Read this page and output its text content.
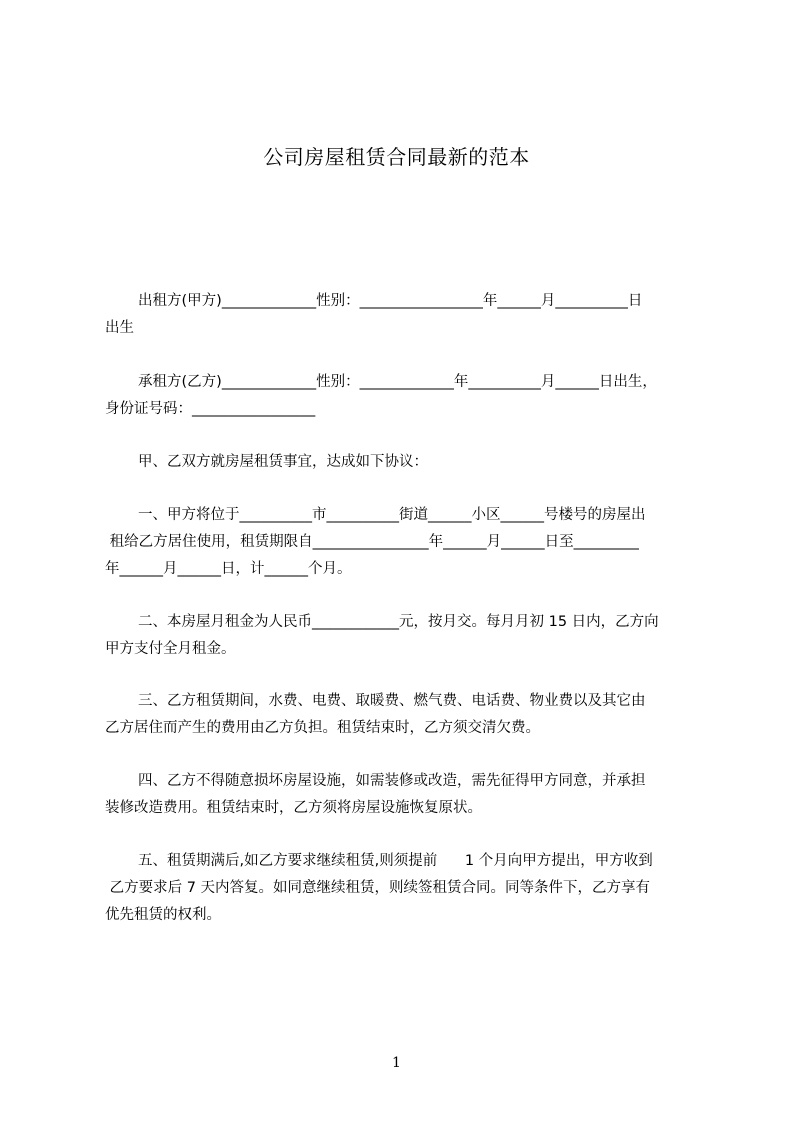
公司房屋租赁合同最新的范本
出租方(甲方)_____________性别：_________________年______月__________日
出生
承租方(乙方)_____________性别：_____________年__________月______日出生，
身份证号码：_________________
甲、乙双方就房屋租赁事宜，达成如下协议：
一、甲方将位于__________市__________街道______小区______号楼号的房屋出
租给乙方居住使用，租赁期限自________________年______月______日至_________
年______月______日，计______个月。
二、本房屋月租金为人民币____________元，按月交。每月月初 15 日内，乙方向
甲方支付全月租金。
三、乙方租赁期间，水费、电费、取暖费、燃气费、电话费、物业费以及其它由
乙方居住而产生的费用由乙方负担。租赁结束时，乙方须交清欠费。
四、乙方不得随意损坏房屋设施，如需装修或改造，需先征得甲方同意，并承担
装修改造费用。租赁结束时，乙方须将房屋设施恢复原状。
五、租赁期满后,如乙方要求继续租赁,则须提前      1 个月向甲方提出，甲方收到
乙方要求后 7 天内答复。如同意继续租赁，则续签租赁合同。同等条件下，乙方享有
优先租赁的权利。
1
